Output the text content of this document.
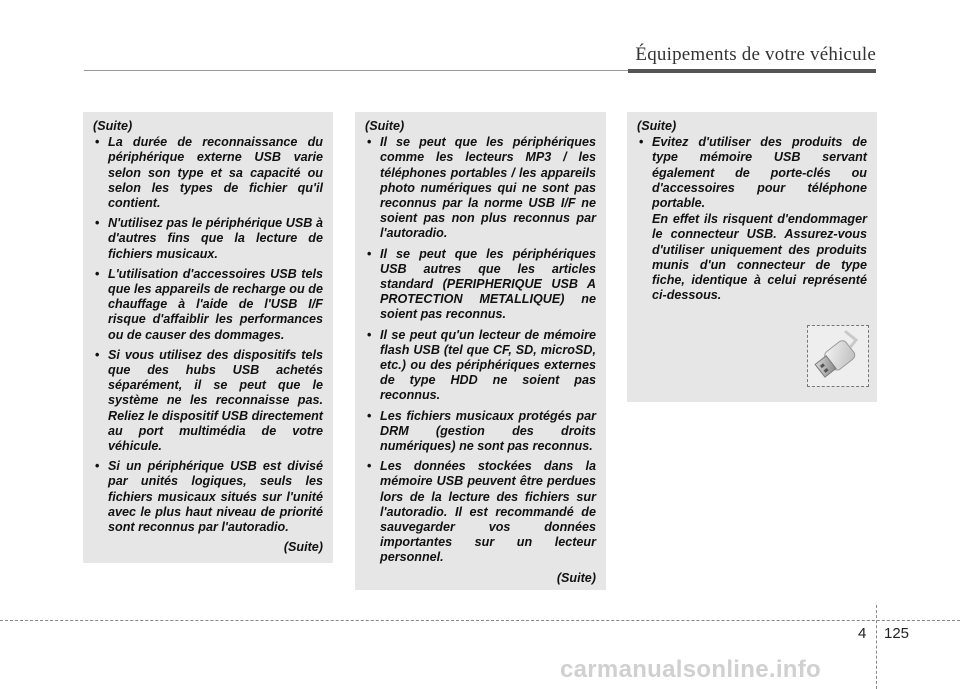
Équipements de votre véhicule

(Suite)

• La durée de reconnaissance du périphérique externe USB varie selon son type et sa capacité ou selon les types de fichier qu'il contient.
• N'utilisez pas le périphérique USB à d'autres fins que la lecture de fichiers musicaux.
• L'utilisation d'accessoires USB tels que les appareils de recharge ou de chauffage à l'aide de l'USB I/F risque d'affaiblir les performances ou de causer des dommages.
• Si vous utilisez des dispositifs tels que des hubs USB achetés séparément, il se peut que le système ne les reconnaisse pas. Reliez le dispositif USB directement au port multimédia de votre véhicule.
• Si un périphérique USB est divisé par unités logiques, seuls les fichiers musicaux situés sur l'unité avec le plus haut niveau de priorité sont reconnus par l'autoradio.

(Suite)

(Suite)

• Il se peut que les périphériques comme les lecteurs MP3 / les téléphones portables / les appareils photo numériques qui ne sont pas reconnus par la norme USB I/F ne soient pas non plus reconnus par l'autoradio.
• Il se peut que les périphériques USB autres que les articles standard (PERIPHERIQUE USB A PROTECTION METALLIQUE) ne soient pas reconnus.
• Il se peut qu'un lecteur de mémoire flash USB (tel que CF, SD, microSD, etc.) ou des périphériques externes de type HDD ne soient pas reconnus.
• Les fichiers musicaux protégés par DRM (gestion des droits numériques) ne sont pas reconnus.
• Les données stockées dans la mémoire USB peuvent être perdues lors de la lecture des fichiers sur l'autoradio. Il est recommandé de sauvegarder vos données importantes sur un lecteur personnel.

(Suite)

(Suite)

• Evitez d'utiliser des produits de type mémoire USB servant également de porte-clés ou d'accessoires pour téléphone portable.

En effet ils risquent d'endommager le connecteur USB. Assurez-vous d'utiliser uniquement des produits munis d'un connecteur de type fiche, identique à celui représenté ci-dessous.

4 125
carmanualsonline.info
